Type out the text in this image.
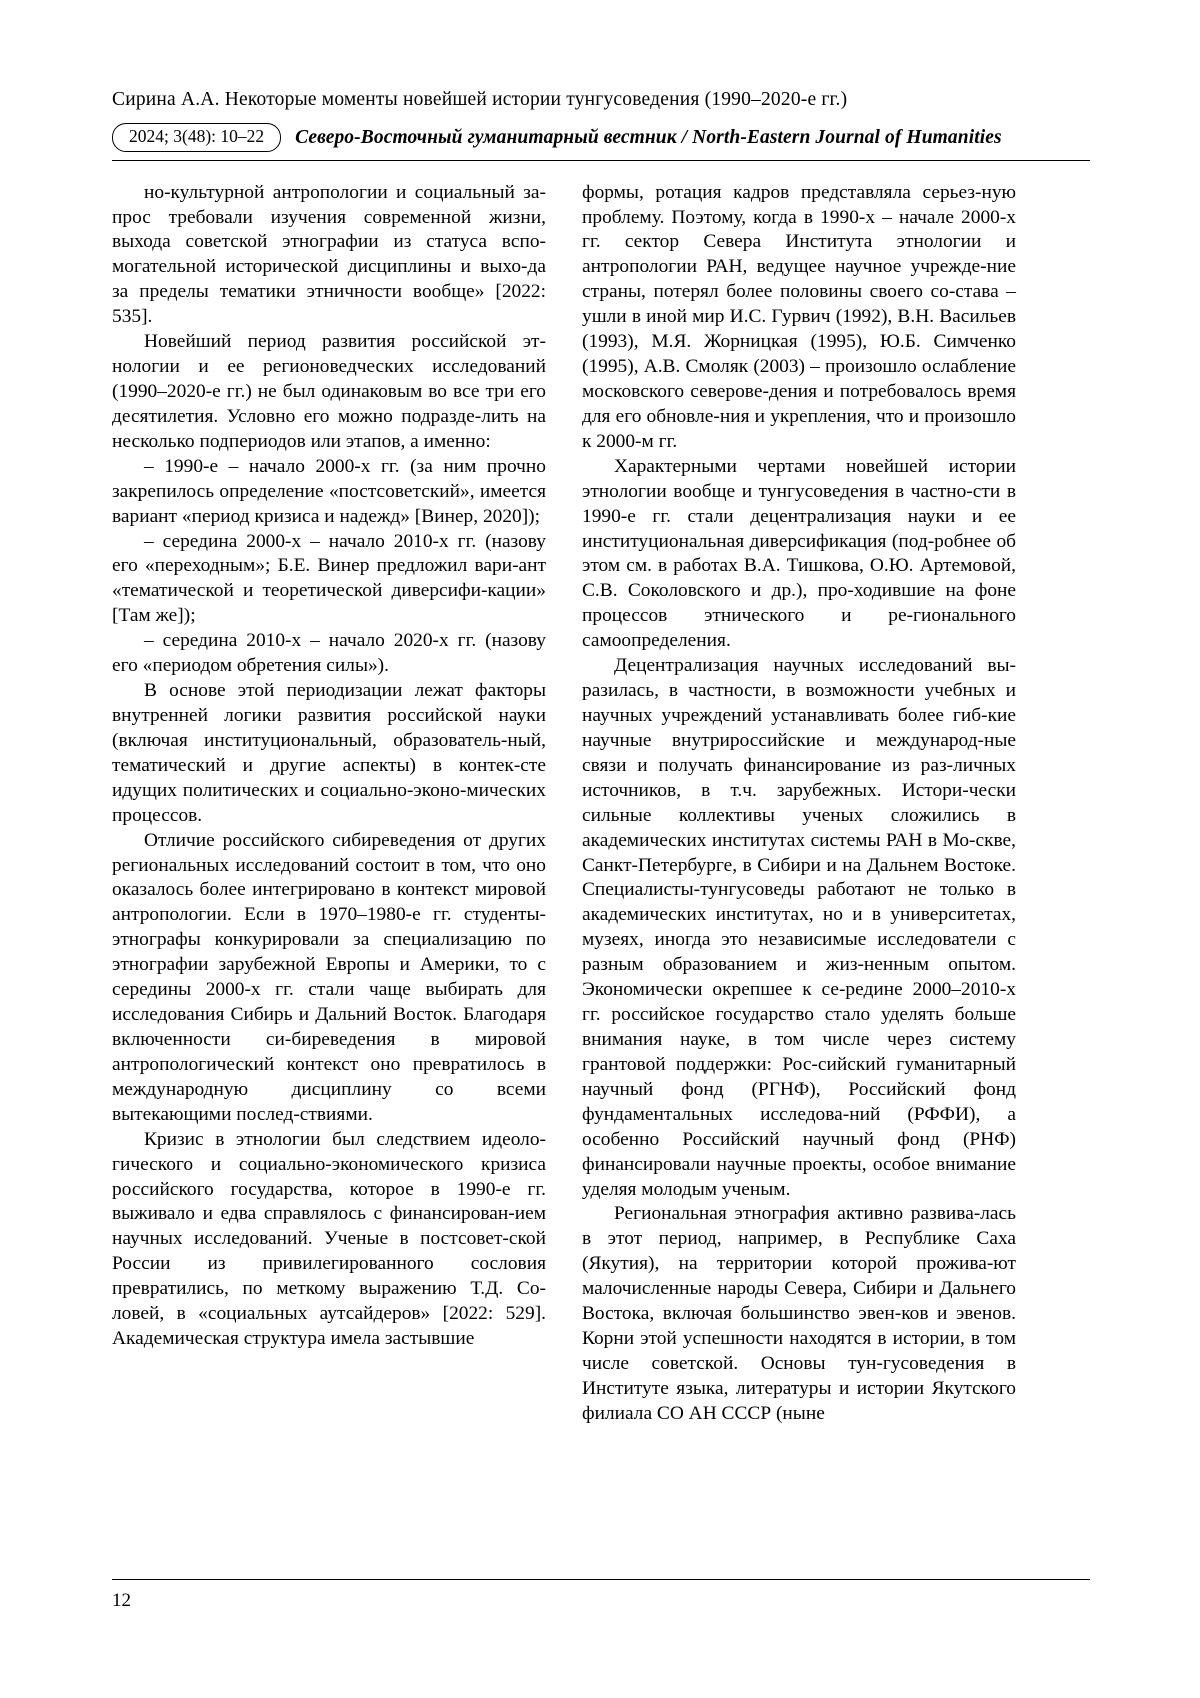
Сирина А.А. Некоторые моменты новейшей истории тунгусоведения (1990–2020-е гг.)
2024; 3(48): 10–22	Северо-Восточный гуманитарный вестник / North-Eastern Journal of Humanities

но-культурной антропологии и социальный за-прос требовали изучения современной жизни, выхода советской этнографии из статуса вспо-могательной исторической дисциплины и выхо-да за пределы тематики этничности вообще» [2022: 535].

Новейший период развития российской эт-нологии и ее регионоведческих исследований (1990–2020-е гг.) не был одинаковым во все три его десятилетия. Условно его можно подразде-лить на несколько подпериодов или этапов, а именно:

– 1990-е – начало 2000-х гг. (за ним прочно закрепилось определение «постсоветский», имеется вариант «период кризиса и надежд» [Винер, 2020]);

– середина 2000-х – начало 2010-х гг. (назову его «переходным»; Б.Е. Винер предложил вари-ант «тематической и теоретической диверсифи-кации» [Там же]);

– середина 2010-х – начало 2020-х гг. (назову его «периодом обретения силы»).

В основе этой периодизации лежат факторы внутренней логики развития российской науки (включая институциональный, образователь-ный, тематический и другие аспекты) в контек-сте идущих политических и социально-эконо-мических процессов.

Отличие российского сибиреведения от других региональных исследований состоит в том, что оно оказалось более интегрировано в контекст мировой антропологии. Если в 1970–1980-е гг. студенты-этнографы конкурировали за специализацию по этнографии зарубежной Европы и Америки, то с середины 2000-х гг. стали чаще выбирать для исследования Сибирь и Дальний Восток. Благодаря включенности си-биреведения в мировой антропологический контекст оно превратилось в международную дисциплину со всеми вытекающими послед-ствиями.

Кризис в этнологии был следствием идеоло-гического и социально-экономического кризиса российского государства, которое в 1990-е гг. выживало и едва справлялось с финансирован-ием научных исследований. Ученые в постсовет-ской России из привилегированного сословия превратились, по меткому выражению Т.Д. Со-ловей, в «социальных аутсайдеров» [2022: 529]. Академическая структура имела застывшие

формы, ротация кадров представляла серьез-ную проблему. Поэтому, когда в 1990-х – начале 2000-х гг. сектор Севера Института этнологии и антропологии РАН, ведущее научное учрежде-ние страны, потерял более половины своего со-става – ушли в иной мир И.С. Гурвич (1992), В.Н. Васильев (1993), М.Я. Жорницкая (1995), Ю.Б. Симченко (1995), А.В. Смоляк (2003) – произошло ослабление московского северове-дения и потребовалось время для его обновле-ния и укрепления, что и произошло к 2000-м гг.

Характерными чертами новейшей истории этнологии вообще и тунгусоведения в частно-сти в 1990-е гг. стали децентрализация науки и ее институциональная диверсификация (под-робнее об этом см. в работах В.А. Тишкова, О.Ю. Артемовой, С.В. Соколовского и др.), про-ходившие на фоне процессов этнического и ре-гионального самоопределения.

Децентрализация научных исследований вы-разилась, в частности, в возможности учебных и научных учреждений устанавливать более гиб-кие научные внутрироссийские и международ-ные связи и получать финансирование из раз-личных источников, в т.ч. зарубежных. Истори-чески сильные коллективы ученых сложились в академических институтах системы РАН в Мо-скве, Санкт-Петербурге, в Сибири и на Дальнем Востоке. Специалисты-тунгусоведы работают не только в академических институтах, но и в университетах, музеях, иногда это независимые исследователи с разным образованием и жиз-ненным опытом. Экономически окрепшее к се-редине 2000–2010-х гг. российское государство стало уделять больше внимания науке, в том числе через систему грантовой поддержки: Рос-сийский гуманитарный научный фонд (РГНФ), Российский фонд фундаментальных исследова-ний (РФФИ), а особенно Российский научный фонд (РНФ) финансировали научные проекты, особое внимание уделяя молодым ученым.

Региональная этнография активно развива-лась в этот период, например, в Республике Саха (Якутия), на территории которой прожива-ют малочисленные народы Севера, Сибири и Дальнего Востока, включая большинство эвен-ков и эвенов. Корни этой успешности находятся в истории, в том числе советской. Основы тун-гусоведения в Институте языка, литературы и истории Якутского филиала СО АН СССР (ныне

12
